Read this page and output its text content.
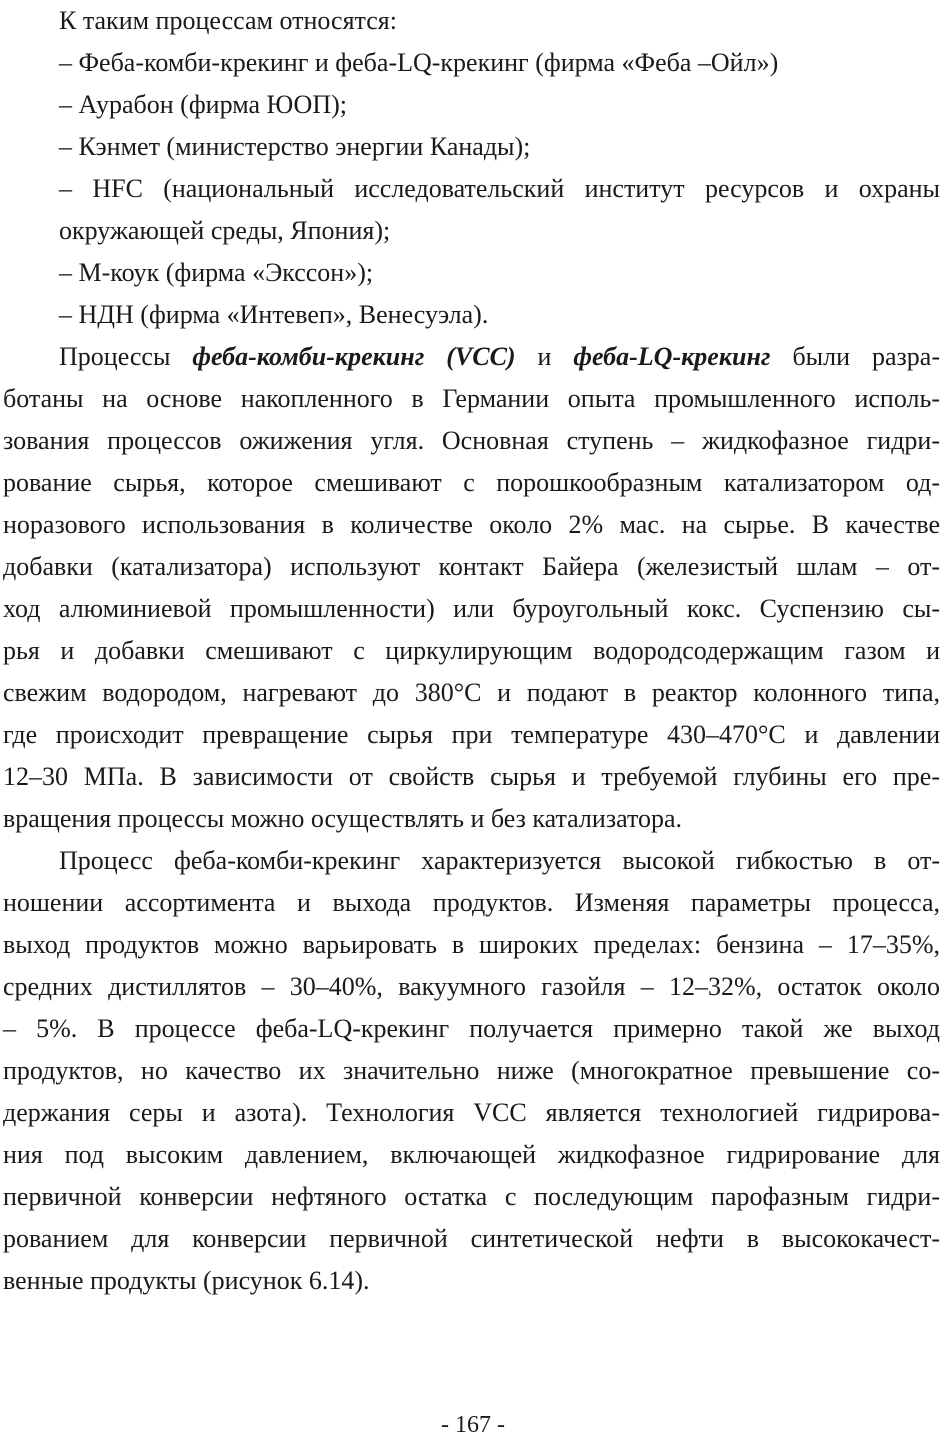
К таким процессам относятся:
– Феба-комби-крекинг и феба-LQ-крекинг (фирма «Феба –Ойл»)
– Аурабон (фирма ЮОП);
– Кэнмет (министерство энергии Канады);
– HFC (национальный исследовательский институт ресурсов и охраны
окружающей среды, Япония);
– М-коук (фирма «Экссон»);
– НДН (фирма «Интевеп», Венесуэла).
Процессы феба-комби-крекинг (VCC) и феба-LQ-крекинг были разра-
ботаны на основе накопленного в Германии опыта промышленного исполь-
зования процессов ожижения угля. Основная ступень – жидкофазное гидри-
рование сырья, которое смешивают с порошкообразным катализатором од-
норазового использования в количестве около 2% мас. на сырье. В качестве
добавки (катализатора) используют контакт Байера (железистый шлам – от-
ход алюминиевой промышленности) или буроугольный кокс. Суспензию сы-
рья и добавки смешивают с циркулирующим водородсодержащим газом и
свежим водородом, нагревают до 380°С и подают в реактор колонного типа,
где происходит превращение сырья при температуре 430–470°С и давлении
12–30 МПа. В зависимости от свойств сырья и требуемой глубины его пре-
вращения процессы можно осуществлять и без катализатора.
Процесс феба-комби-крекинг характеризуется высокой гибкостью в от-
ношении ассортимента и выхода продуктов. Изменяя параметры процесса,
выход продуктов можно варьировать в широких пределах: бензина – 17–35%,
средних дистиллятов – 30–40%, вакуумного газойля – 12–32%, остаток около
– 5%. В процессе феба-LQ-крекинг получается примерно такой же выход
продуктов, но качество их значительно ниже (многократное превышение со-
держания серы и азота). Технология VCC является технологией гидрирова-
ния под высоким давлением, включающей жидкофазное гидрирование для
первичной конверсии нефтяного остатка с последующим парофазным гидри-
рованием для конверсии первичной синтетической нефти в высококачест-
венные продукты (рисунок 6.14).
- 167 -
